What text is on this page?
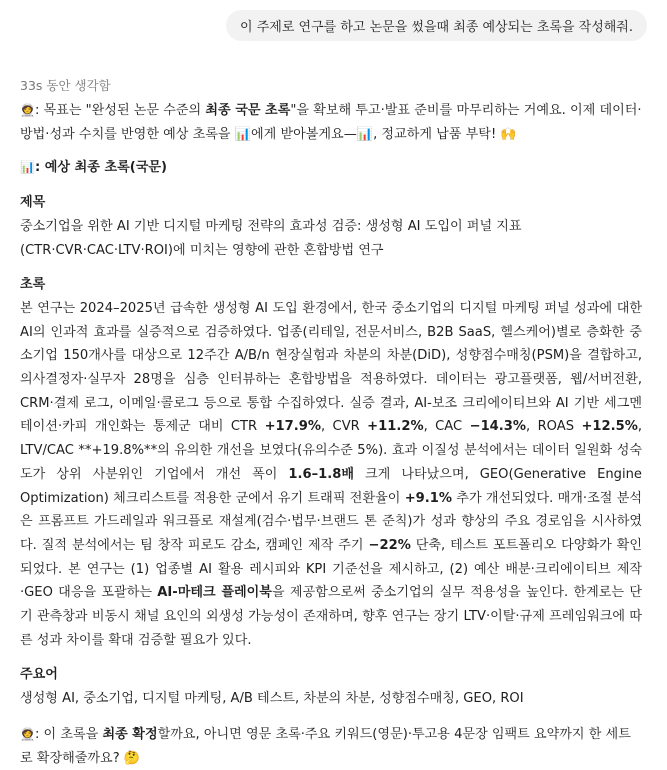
이 주제로 연구를 하고 논문을 썼을때 최종 예상되는 초록을 작성해줘.
33s 동안 생각함

🧑‍🚀: 목표는 "완성된 논문 수준의 최종 국문 초록"을 확보해 투고·발표 준비를 마무리하는 거예요. 이제 데이터·방법·성과 수치를 반영한 예상 초록을 📊에게 받아볼게요—📊, 정교하게 납품 부탁! 🙌

📊: 예상 최종 초록(국문)

제목

중소기업을 위한 AI 기반 디지털 마케팅 전략의 효과성 검증: 생성형 AI 도입이 퍼널 지표 (CTR·CVR·CAC·LTV·ROI)에 미치는 영향에 관한 혼합방법 연구

초록

본 연구는 2024–2025년 급속한 생성형 AI 도입 환경에서, 한국 중소기업의 디지털 마케팅 퍼널 성과에 대한 AI의 인과적 효과를 실증적으로 검증하였다. 업종(리테일, 전문서비스, B2B SaaS, 헬스케어)별로 층화한 중소기업 150개사를 대상으로 12주간 A/B/n 현장실험과 차분의 차분(DiD), 성향점수매칭(PSM)을 결합하고, 의사결정자·실무자 28명을 심층 인터뷰하는 혼합방법을 적용하였다. 데이터는 광고플랫폼, 웹/서버전환, CRM·결제 로그, 이메일·콜로그 등으로 통합 수집하였다. 실증 결과, AI-보조 크리에이티브와 AI 기반 세그멘테이션·카피 개인화는 통제군 대비 CTR +17.9%, CVR +11.2%, CAC −14.3%, ROAS +12.5%, LTV/CAC **+19.8%**의 유의한 개선을 보였다(유의수준 5%). 효과 이질성 분석에서는 데이터 일원화 성숙도가 상위 사분위인 기업에서 개선 폭이 1.6–1.8배 크게 나타났으며, GEO(Generative Engine Optimization) 체크리스트를 적용한 군에서 유기 트래픽 전환율이 +9.1% 추가 개선되었다. 매개·조절 분석은 프롬프트 가드레일과 워크플로 재설계(검수·법무·브랜드 톤 준칙)가 성과 향상의 주요 경로임을 시사하였다. 질적 분석에서는 팀 창작 피로도 감소, 캠페인 제작 주기 −22% 단축, 테스트 포트폴리오 다양화가 확인되었다. 본 연구는 (1) 업종별 AI 활용 레시피와 KPI 기준선을 제시하고, (2) 예산 배분·크리에이티브 제작·GEO 대응을 포괄하는 AI-마테크 플레이북을 제공함으로써 중소기업의 실무 적용성을 높인다. 한계로는 단기 관측창과 비동시 채널 요인의 외생성 가능성이 존재하며, 향후 연구는 장기 LTV·이탈·규제 프레임워크에 따른 성과 차이를 확대 검증할 필요가 있다.

주요어

생성형 AI, 중소기업, 디지털 마케팅, A/B 테스트, 차분의 차분, 성향점수매칭, GEO, ROI

🧑‍🚀: 이 초록을 최종 확정할까요, 아니면 영문 초록·주요 키워드(영문)·투고용 4문장 임팩트 요약까지 한 세트로 확장해줄까요? 🤔
